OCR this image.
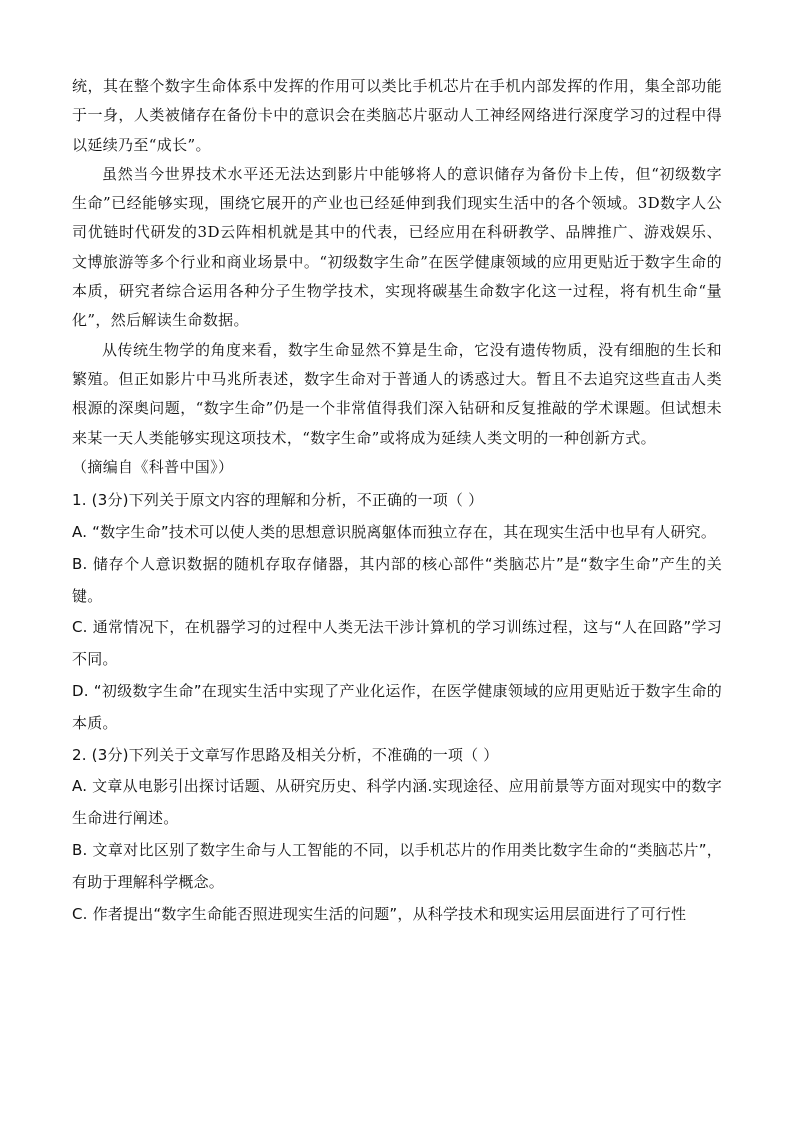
统，其在整个数字生命体系中发挥的作用可以类比手机芯片在手机内部发挥的作用，集全部功能于一身，人类被储存在备份卡中的意识会在类脑芯片驱动人工神经网络进行深度学习的过程中得以延续乃至“成长”。

虽然当今世界技术水平还无法达到影片中能够将人的意识储存为备份卡上传，但“初级数字生命”已经能够实现，围绕它展开的产业也已经延伸到我们现实生活中的各个领域。3D数字人公司优链时代研发的3D云阵相机就是其中的代表，已经应用在科研教学、品牌推广、游戏娱乐、文博旅游等多个行业和商业场景中。“初级数字生命”在医学健康领域的应用更贴近于数字生命的本质，研究者综合运用各种分子生物学技术，实现将碳基生命数字化这一过程，将有机生命“量化”，然后解读生命数据。

从传统生物学的角度来看，数字生命显然不算是生命，它没有遗传物质，没有细胞的生长和繁殖。但正如影片中马兆所表述，数字生命对于普通人的诱惑过大。暂且不去追究这些直击人类根源的深奥问题，“数字生命”仍是一个非常值得我们深入钻研和反复推敲的学术课题。但试想未来某一天人类能够实现这项技术，“数字生命”或将成为延续人类文明的一种创新方式。

（摘编自《科普中国》）

1. (3分)下列关于原文内容的理解和分析，不正确的一项（ ）

A. “数字生命”技术可以使人类的思想意识脱离躯体而独立存在，其在现实生活中也早有人研究。

B. 储存个人意识数据的随机存取存储器，其内部的核心部件“类脑芯片”是“数字生命”产生的关键。

C. 通常情况下，在机器学习的过程中人类无法干涉计算机的学习训练过程，这与“人在回路”学习不同。

D. “初级数字生命”在现实生活中实现了产业化运作，在医学健康领域的应用更贴近于数字生命的本质。

2. (3分)下列关于文章写作思路及相关分析，不准确的一项（ ）

A. 文章从电影引出探讨话题、从研究历史、科学内涵.实现途径、应用前景等方面对现实中的数字生命进行阐述。

B. 文章对比区别了数字生命与人工智能的不同，以手机芯片的作用类比数字生命的“类脑芯片”，有助于理解科学概念。

C. 作者提出“数字生命能否照进现实生活的问题”，从科学技术和现实运用层面进行了可行性
